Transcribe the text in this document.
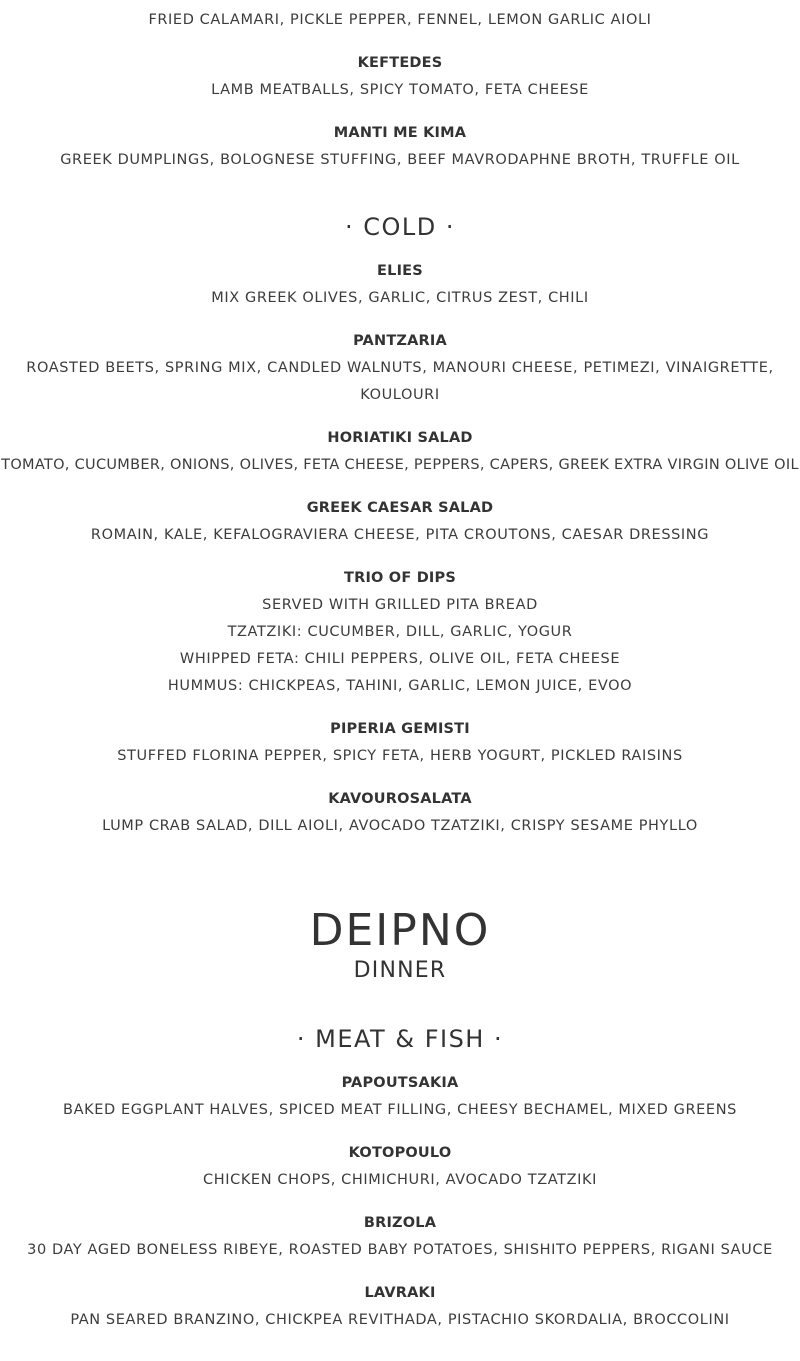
FRIED CALAMARI, PICKLE PEPPER, FENNEL, LEMON GARLIC AIOLI
KEFTEDES
LAMB MEATBALLS, SPICY TOMATO, FETA CHEESE
MANTI ME KIMA
GREEK DUMPLINGS, BOLOGNESE STUFFING, BEEF MAVRODAPHNE BROTH, TRUFFLE OIL
· COLD ·
ELIES
MIX GREEK OLIVES, GARLIC, CITRUS ZEST, CHILI
PANTZARIA
ROASTED BEETS, SPRING MIX, CANDLED WALNUTS, MANOURI CHEESE, PETIMEZI, VINAIGRETTE,
KOULOURI
HORIATIKI SALAD
TOMATO, CUCUMBER, ONIONS, OLIVES, FETA CHEESE, PEPPERS, CAPERS, GREEK EXTRA VIRGIN OLIVE OIL
GREEK CAESAR SALAD
ROMAIN, KALE, KEFALOGRAVIERA CHEESE, PITA CROUTONS, CAESAR DRESSING
TRIO OF DIPS
SERVED WITH GRILLED PITA BREAD
TZATZIKI: CUCUMBER, DILL, GARLIC, YOGUR
WHIPPED FETA: CHILI PEPPERS, OLIVE OIL, FETA CHEESE
HUMMUS: CHICKPEAS, TAHINI, GARLIC, LEMON JUICE, EVOO
PIPERIA GEMISTI
STUFFED FLORINA PEPPER, SPICY FETA, HERB YOGURT, PICKLED RAISINS
KAVOUROSALATA
LUMP CRAB SALAD, DILL AIOLI, AVOCADO TZATZIKI, CRISPY SESAME PHYLLO
DEIPNO
DINNER
· MEAT & FISH ·
PAPOUTSAKIA
BAKED EGGPLANT HALVES, SPICED MEAT FILLING, CHEESY BECHAMEL, MIXED GREENS
KOTOPOULO
CHICKEN CHOPS, CHIMICHURI, AVOCADO TZATZIKI
BRIZOLA
30 DAY AGED BONELESS RIBEYE, ROASTED BABY POTATOES, SHISHITO PEPPERS, RIGANI SAUCE
LAVRAKI
PAN SEARED BRANZINO, CHICKPEA REVITHADA, PISTACHIO SKORDALIA, BROCCOLINI
